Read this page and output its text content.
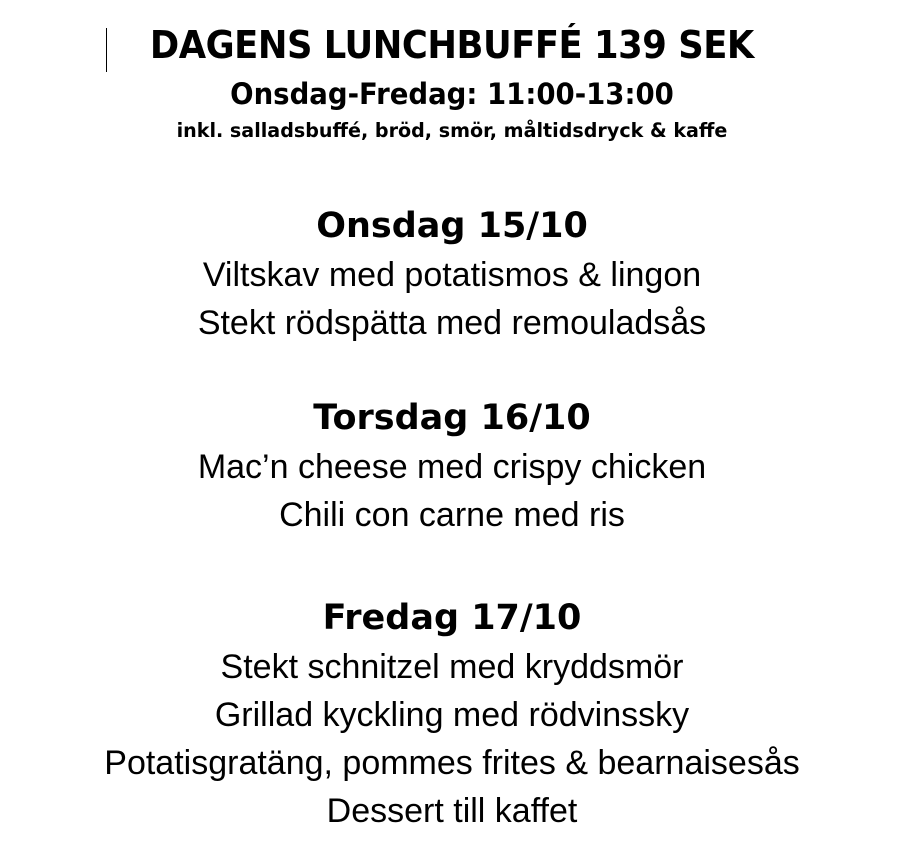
DAGENS LUNCHBUFFÉ 139 SEK
Onsdag-Fredag: 11:00-13:00
inkl. salladsbuffé, bröd, smör, måltidsdryck & kaffe
Onsdag 15/10
Viltskav med potatismos & lingon
Stekt rödspätta med remouladsås
Torsdag 16/10
Mac’n cheese med crispy chicken
Chili con carne med ris
Fredag 17/10
Stekt schnitzel med kryddsmör
Grillad kyckling med rödvinssky
Potatisgratäng, pommes frites & bearnaisesås
Dessert till kaffet
